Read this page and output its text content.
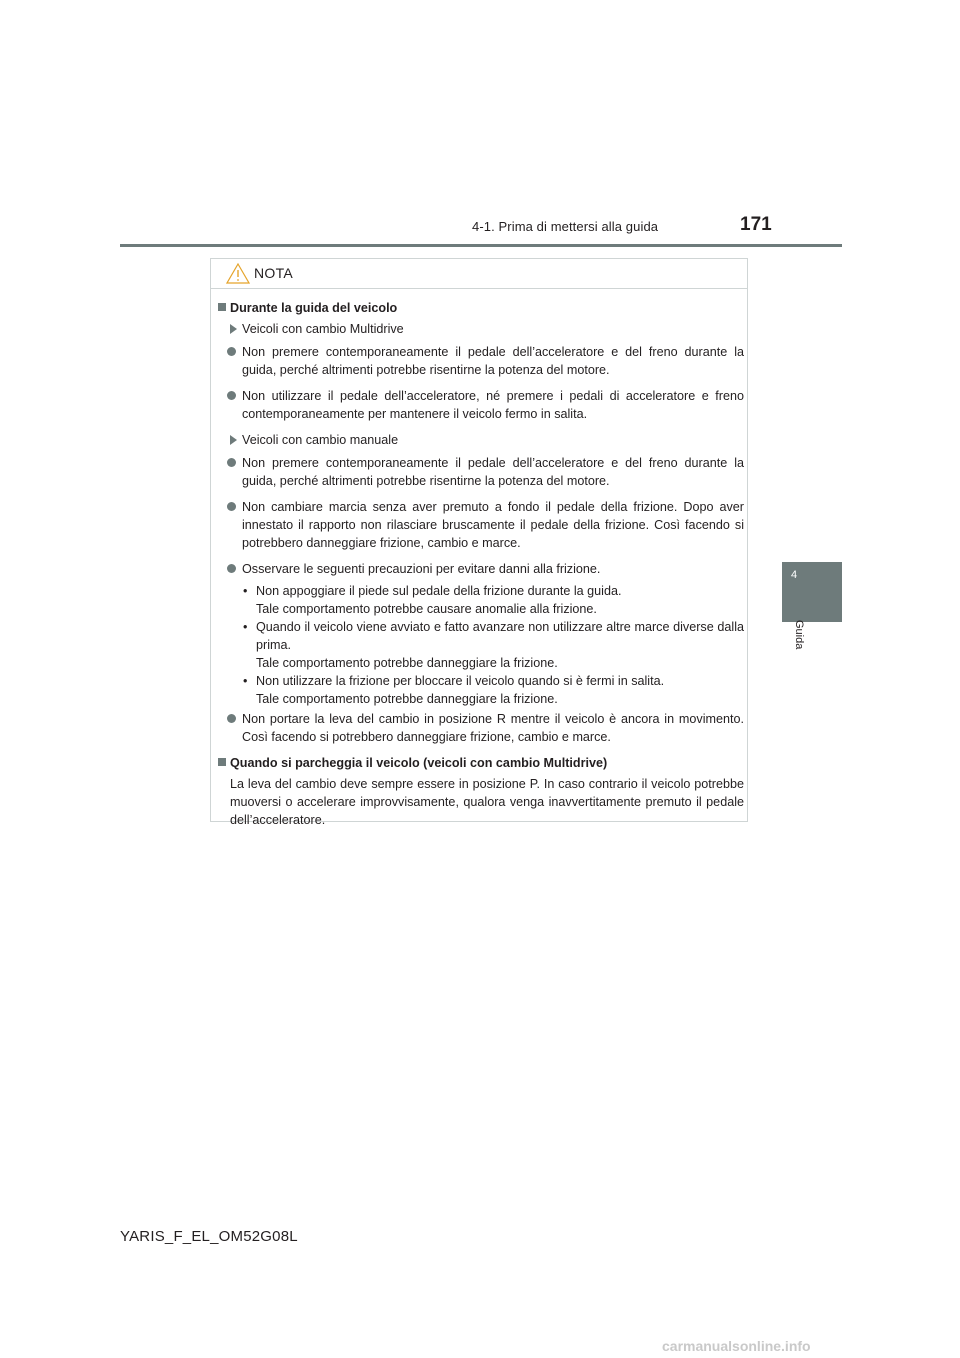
4-1. Prima di mettersi alla guida	171
4
Guida
NOTA
Durante la guida del veicolo
Veicoli con cambio Multidrive
Non premere contemporaneamente il pedale dell’acceleratore e del freno durante la guida, perché altrimenti potrebbe risentirne la potenza del motore.
Non utilizzare il pedale dell’acceleratore, né premere i pedali di acceleratore e freno contemporaneamente per mantenere il veicolo fermo in salita.
Veicoli con cambio manuale
Non premere contemporaneamente il pedale dell’acceleratore e del freno durante la guida, perché altrimenti potrebbe risentirne la potenza del motore.
Non cambiare marcia senza aver premuto a fondo il pedale della frizione. Dopo aver innestato il rapporto non rilasciare bruscamente il pedale della frizione. Così facendo si potrebbero danneggiare frizione, cambio e marce.
Osservare le seguenti precauzioni per evitare danni alla frizione.
• Non appoggiare il piede sul pedale della frizione durante la guida.
Tale comportamento potrebbe causare anomalie alla frizione.
• Quando il veicolo viene avviato e fatto avanzare non utilizzare altre marce diverse dalla prima.
Tale comportamento potrebbe danneggiare la frizione.
• Non utilizzare la frizione per bloccare il veicolo quando si è fermi in salita.
Tale comportamento potrebbe danneggiare la frizione.
Non portare la leva del cambio in posizione R mentre il veicolo è ancora in movimento. Così facendo si potrebbero danneggiare frizione, cambio e marce.
Quando si parcheggia il veicolo (veicoli con cambio Multidrive)
La leva del cambio deve sempre essere in posizione P. In caso contrario il veicolo potrebbe muoversi o accelerare improvvisamente, qualora venga inavvertitamente premuto il pedale dell’acceleratore.
YARIS_F_EL_OM52G08L
carmanualsonline.info
